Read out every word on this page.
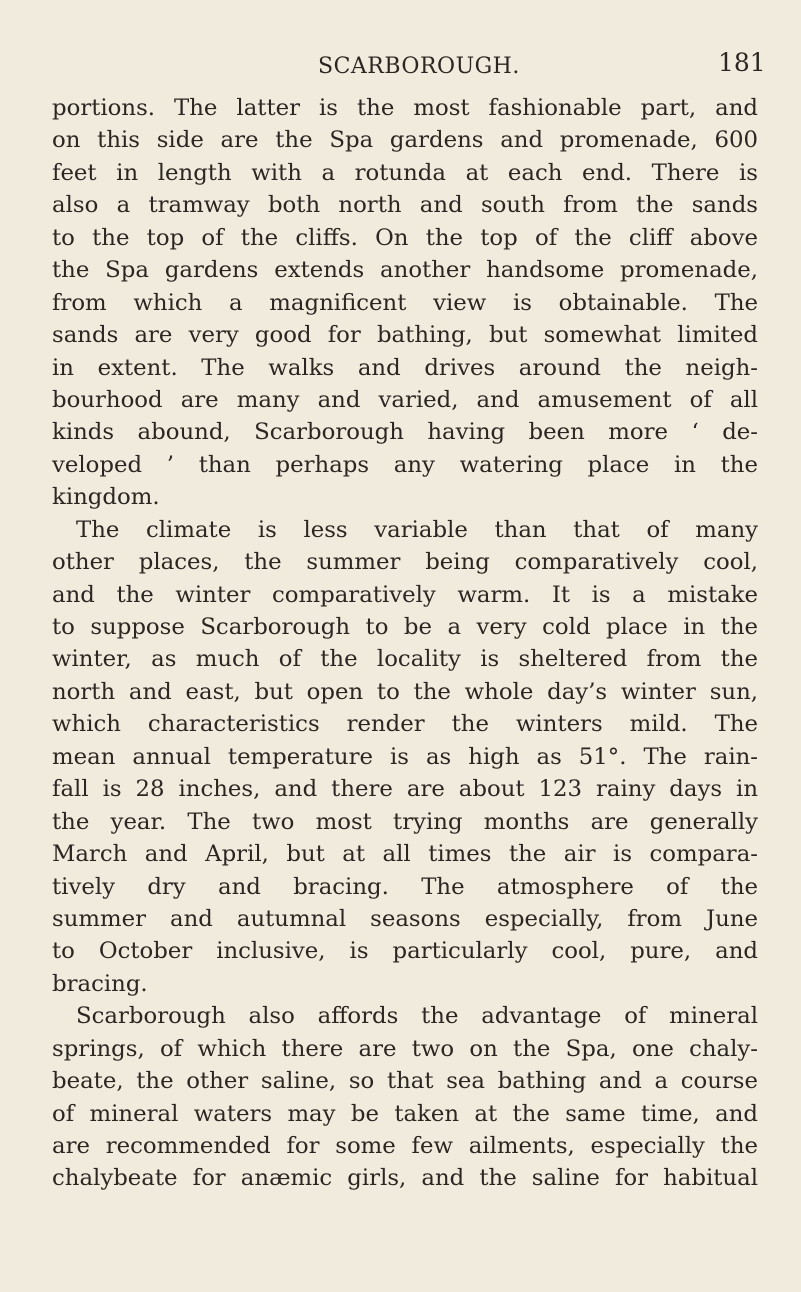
SCARBOROUGH.	181
portions. The latter is the most fashionable part, and
on this side are the Spa gardens and promenade, 600
feet in length with a rotunda at each end. There is
also a tramway both north and south from the sands
to the top of the cliffs. On the top of the cliff above
the Spa gardens extends another handsome promenade,
from which a magnificent view is obtainable. The
sands are very good for bathing, but somewhat limited
in extent. The walks and drives around the neigh-
bourhood are many and varied, and amusement of all
kinds abound, Scarborough having been more ‘ de-
veloped ’ than perhaps any watering place in the
kingdom.
The climate is less variable than that of many
other places, the summer being comparatively cool,
and the winter comparatively warm. It is a mistake
to suppose Scarborough to be a very cold place in the
winter, as much of the locality is sheltered from the
north and east, but open to the whole day’s winter sun,
which characteristics render the winters mild. The
mean annual temperature is as high as 51°. The rain-
fall is 28 inches, and there are about 123 rainy days in
the year. The two most trying months are generally
March and April, but at all times the air is compara-
tively dry and bracing. The atmosphere of the
summer and autumnal seasons especially, from June
to October inclusive, is particularly cool, pure, and
bracing.
Scarborough also affords the advantage of mineral
springs, of which there are two on the Spa, one chaly-
beate, the other saline, so that sea bathing and a course
of mineral waters may be taken at the same time, and
are recommended for some few ailments, especially the
chalybeate for anæmic girls, and the saline for habitual
